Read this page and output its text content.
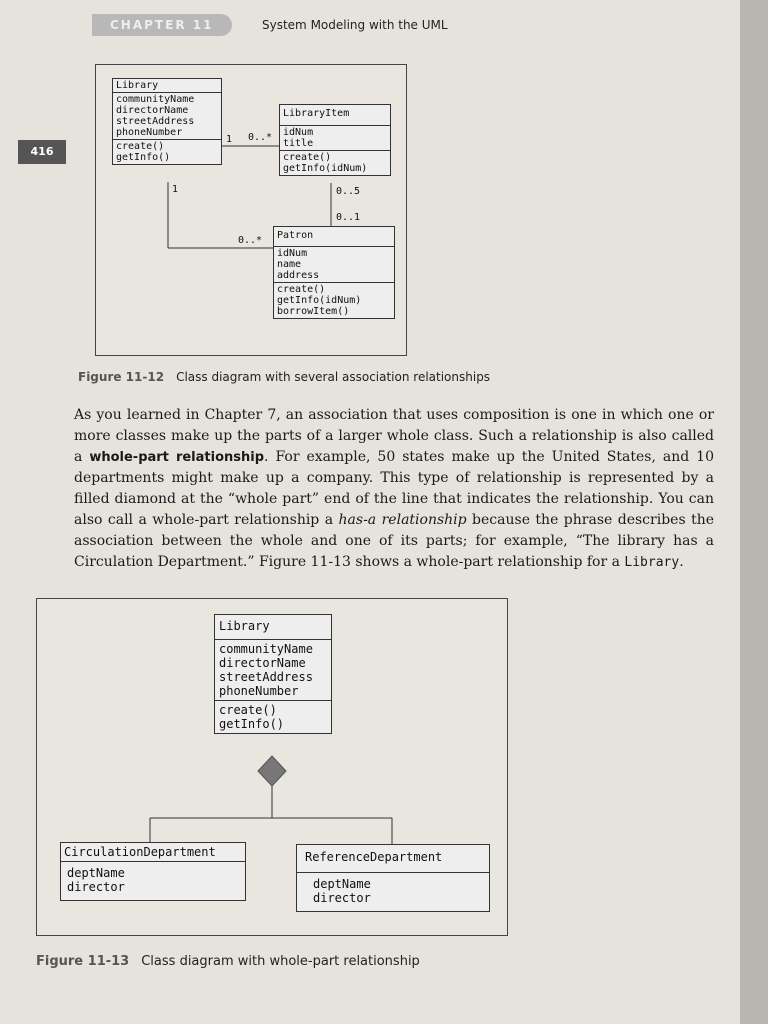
CHAPTER 11	System Modeling with the UML
416
Library
communityName
directorName
streetAddress
phoneNumber
create()
getInfo()
LibraryItem
idNum
title
create()
getInfo(idNum)
Patron
idNum
name
address
create()
getInfo(idNum)
borrowItem()
1 0..*
0..5
0..1
1
0..*
Figure 11-12 Class diagram with several association relationships
As you learned in Chapter 7, an association that uses composition is one in which one or more classes make up the parts of a larger whole class. Such a relationship is also called a whole-part relationship. For example, 50 states make up the United States, and 10 departments might make up a company. This type of relationship is represented by a filled diamond at the “whole part” end of the line that indicates the relationship. You can also call a whole-part relationship a has-a relationship because the phrase describes the association between the whole and one of its parts; for example, “The library has a Circulation Department.” Figure 11-13 shows a whole-part relationship for a Library.
Library
communityName
directorName
streetAddress
phoneNumber
create()
getInfo()
CirculationDepartment
deptName
director
ReferenceDepartment
deptName
director
Figure 11-13 Class diagram with whole-part relationship
